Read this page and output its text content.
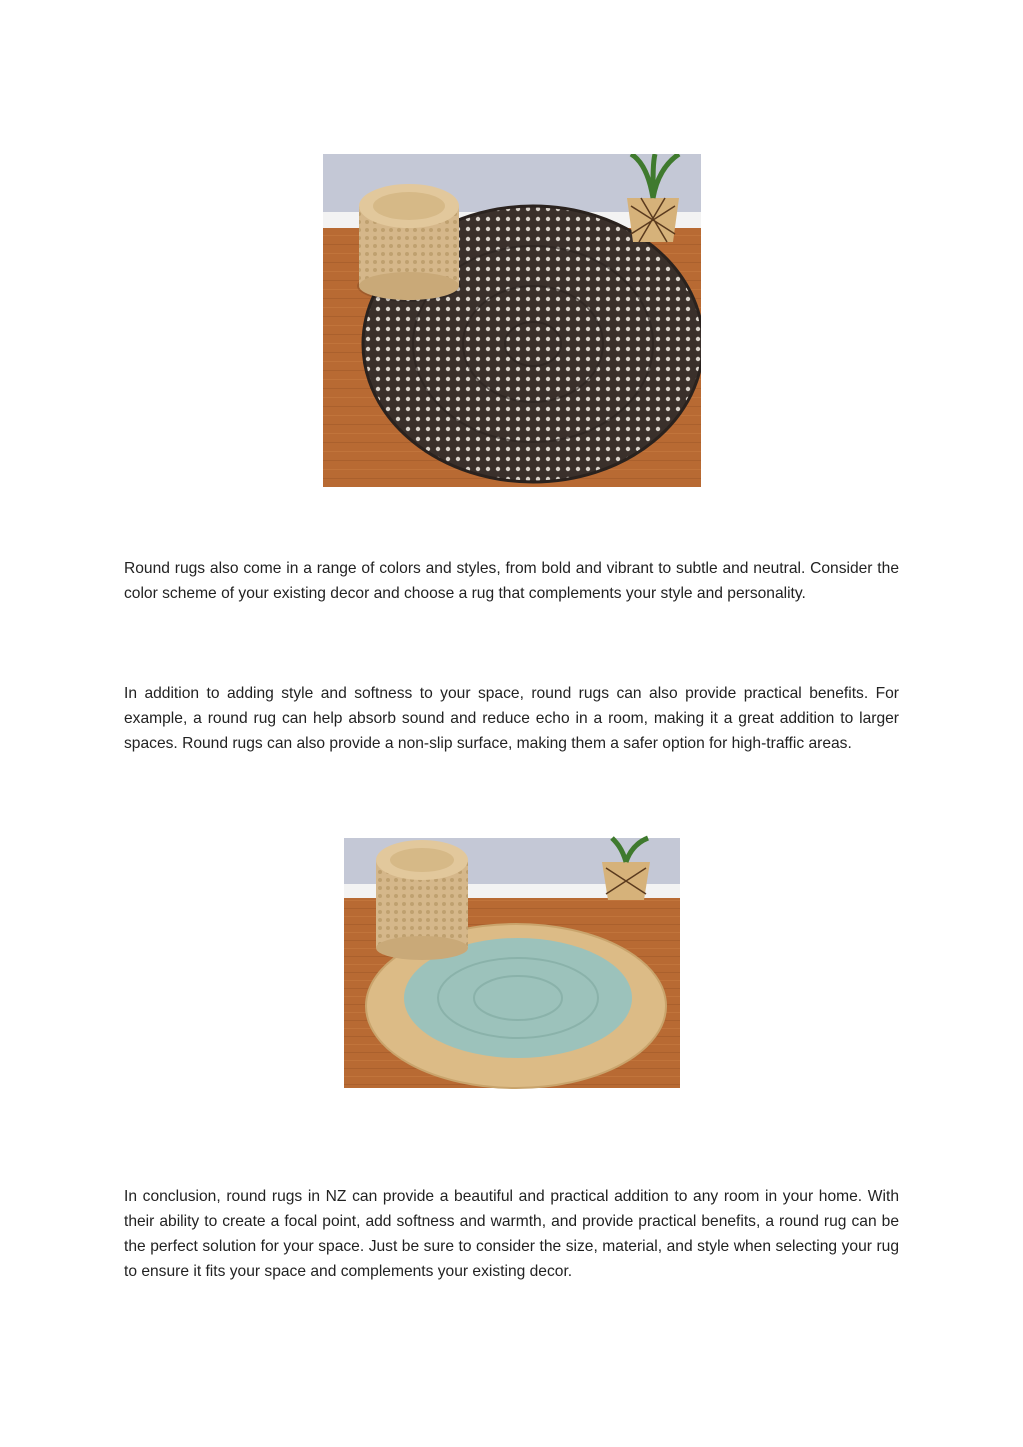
Round rugs also come in a range of colors and styles, from bold and vibrant to subtle and neutral. Consider the color scheme of your existing decor and choose a rug that complements your style and personality.

In addition to adding style and softness to your space, round rugs can also provide practical benefits. For example, a round rug can help absorb sound and reduce echo in a room, making it a great addition to larger spaces. Round rugs can also provide a non-slip surface, making them a safer option for high-traffic areas.

In conclusion, round rugs in NZ can provide a beautiful and practical addition to any room in your home. With their ability to create a focal point, add softness and warmth, and provide practical benefits, a round rug can be the perfect solution for your space. Just be sure to consider the size, material, and style when selecting your rug to ensure it fits your space and complements your existing decor.
